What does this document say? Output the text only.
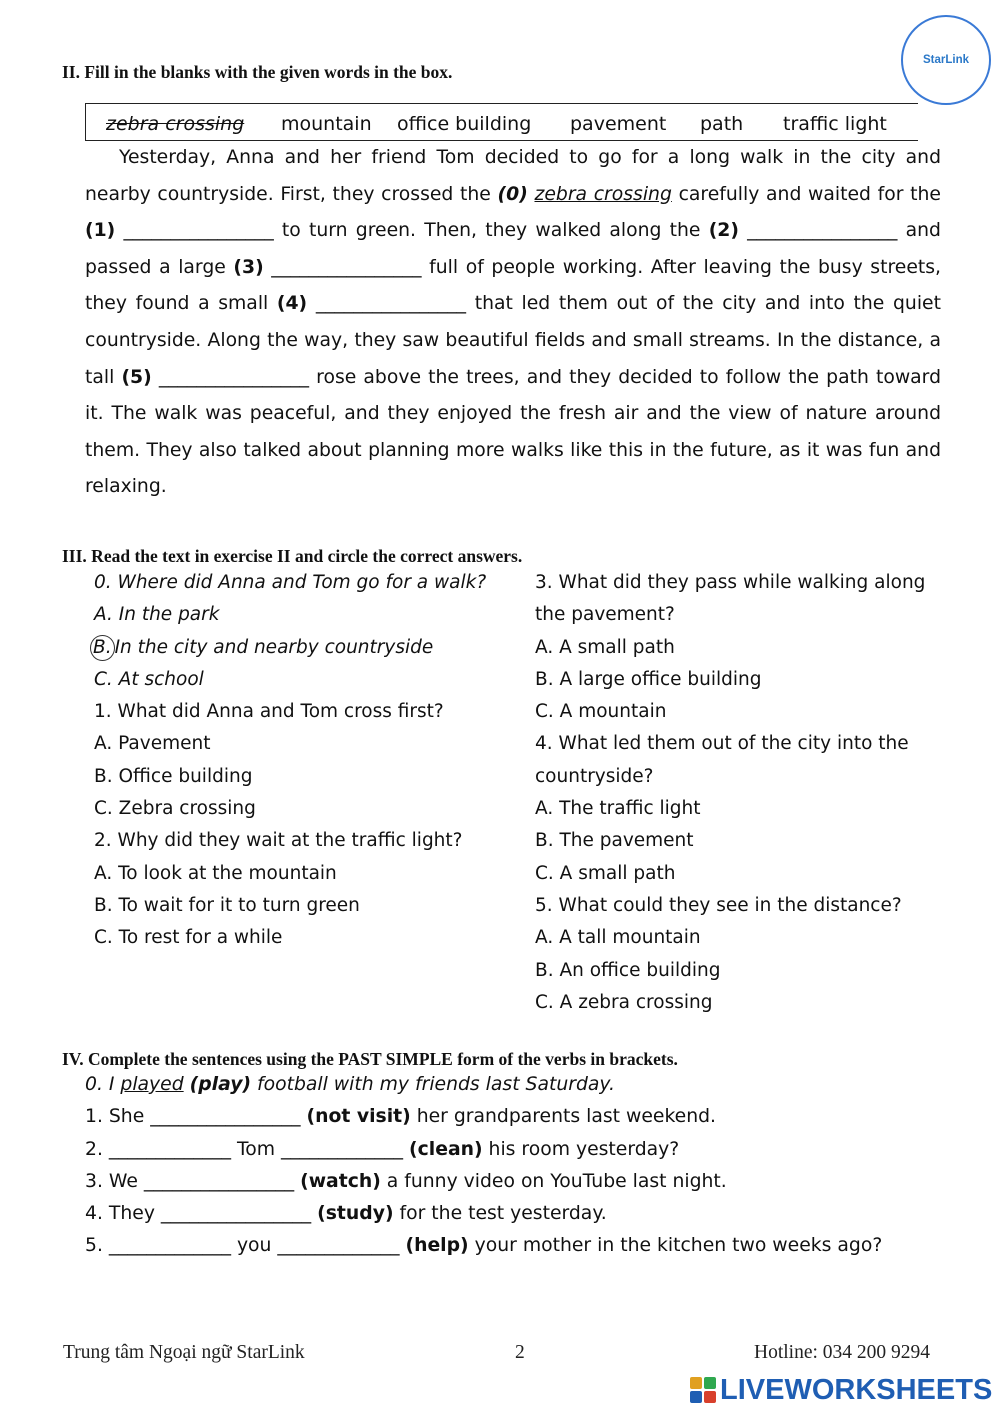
StarLink
II. Fill in the blanks with the given words in the box.
zebra crossing mountain office building pavement path traffic light

Yesterday, Anna and her friend Tom decided to go for a long walk in the city and nearby countryside. First, they crossed the (0) zebra crossing carefully and waited for the (1) ________________ to turn green. Then, they walked along the (2) ________________ and passed a large (3) ________________ full of people working. After leaving the busy streets, they found a small (4) ________________ that led them out of the city and into the quiet countryside. Along the way, they saw beautiful fields and small streams. In the distance, a tall (5) ________________ rose above the trees, and they decided to follow the path toward it. The walk was peaceful, and they enjoyed the fresh air and the view of nature around them. They also talked about planning more walks like this in the future, as it was fun and relaxing.

III. Read the text in exercise II and circle the correct answers.
0. Where did Anna and Tom go for a walk?
A. In the park
B. In the city and nearby countryside
C. At school
1. What did Anna and Tom cross first?
A. Pavement
B. Office building
C. Zebra crossing
2. Why did they wait at the traffic light?
A. To look at the mountain
B. To wait for it to turn green
C. To rest for a while
3. What did they pass while walking along
the pavement?
A. A small path
B. A large office building
C. A mountain
4. What led them out of the city into the
countryside?
A. The traffic light
B. The pavement
C. A small path
5. What could they see in the distance?
A. A tall mountain
B. An office building
C. A zebra crossing
IV. Complete the sentences using the PAST SIMPLE form of the verbs in brackets.
0. I played (play) football with my friends last Saturday.
1. She ________________ (not visit) her grandparents last weekend.
2. _____________ Tom _____________ (clean) his room yesterday?
3. We ________________ (watch) a funny video on YouTube last night.
4. They ________________ (study) for the test yesterday.
5. _____________ you _____________ (help) your mother in the kitchen two weeks ago?
Trung tâm Ngoại ngữ StarLink	2	Hotline: 034 200 9294
LIVEWORKSHEETS
